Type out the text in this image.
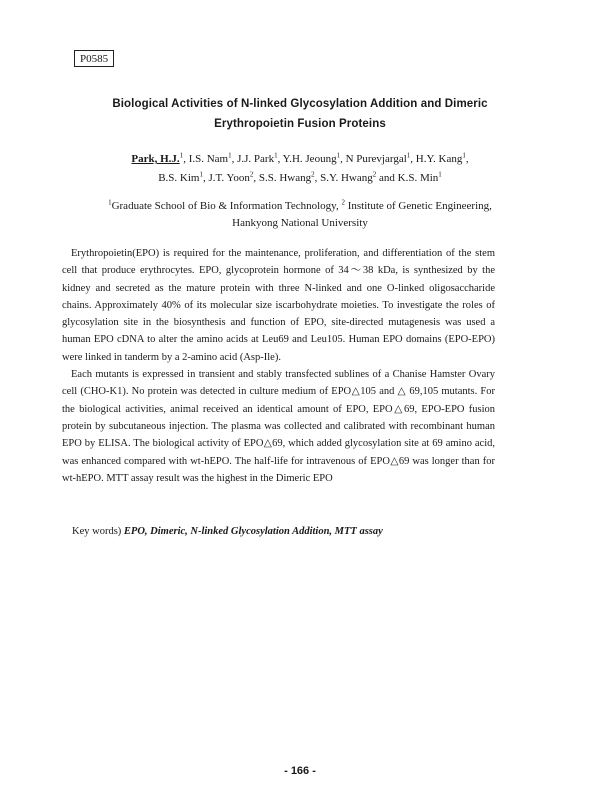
P0585
Biological Activities of N-linked Glycosylation Addition and Dimeric
Erythropoietin Fusion Proteins
Park, H.J.$^1$, I.S. Nam$^1$, J.J. Park$^1$, Y.H. Jeoung$^1$, N Purevjargal$^1$, H.Y. Kang$^1$,
B.S. Kim$^1$, J.T. Yoon$^2$, S.S. Hwang$^2$, S.Y. Hwang$^2$ and K.S. Min$^1$
$^1$Graduate School of Bio & Information Technology, $^2$ Institute of Genetic Engineering,
Hankyong National University

Erythropoietin(EPO) is required for the maintenance, proliferation, and differentiation of the stem cell that produce erythrocytes. EPO, glycoprotein hormone of 34～38 kDa, is synthesized by the kidney and secreted as the mature protein with three N-linked and one O-linked oligosaccharide chains. Approximately 40% of its molecular size iscarbohydrate moieties. To investigate the roles of glycosylation site in the biosynthesis and function of EPO, site-directed mutagenesis was used a human EPO cDNA to alter the amino acids at Leu69 and Leu105. Human EPO domains (EPO-EPO) were linked in tanderm by a 2-amino acid (Asp-Ile).

Each mutants is expressed in transient and stably transfected sublines of a Chanise Hamster Ovary cell (CHO-K1). No protein was detected in culture medium of EPO△105 and △ 69,105 mutants. For the biological activities, animal received an identical amount of EPO, EPO△69, EPO-EPO fusion protein by subcutaneous injection. The plasma was collected and calibrated with recombinant human EPO by ELISA. The biological activity of EPO△69, which added glycosylation site at 69 amino acid, was enhanced compared with wt-hEPO. The half-life for intravenous of EPO△69 was longer than for wt-hEPO. MTT assay result was the highest in the Dimeric EPO

Key words) EPO, Dimeric, N-linked Glycosylation Addition, MTT assay
- 166 -
